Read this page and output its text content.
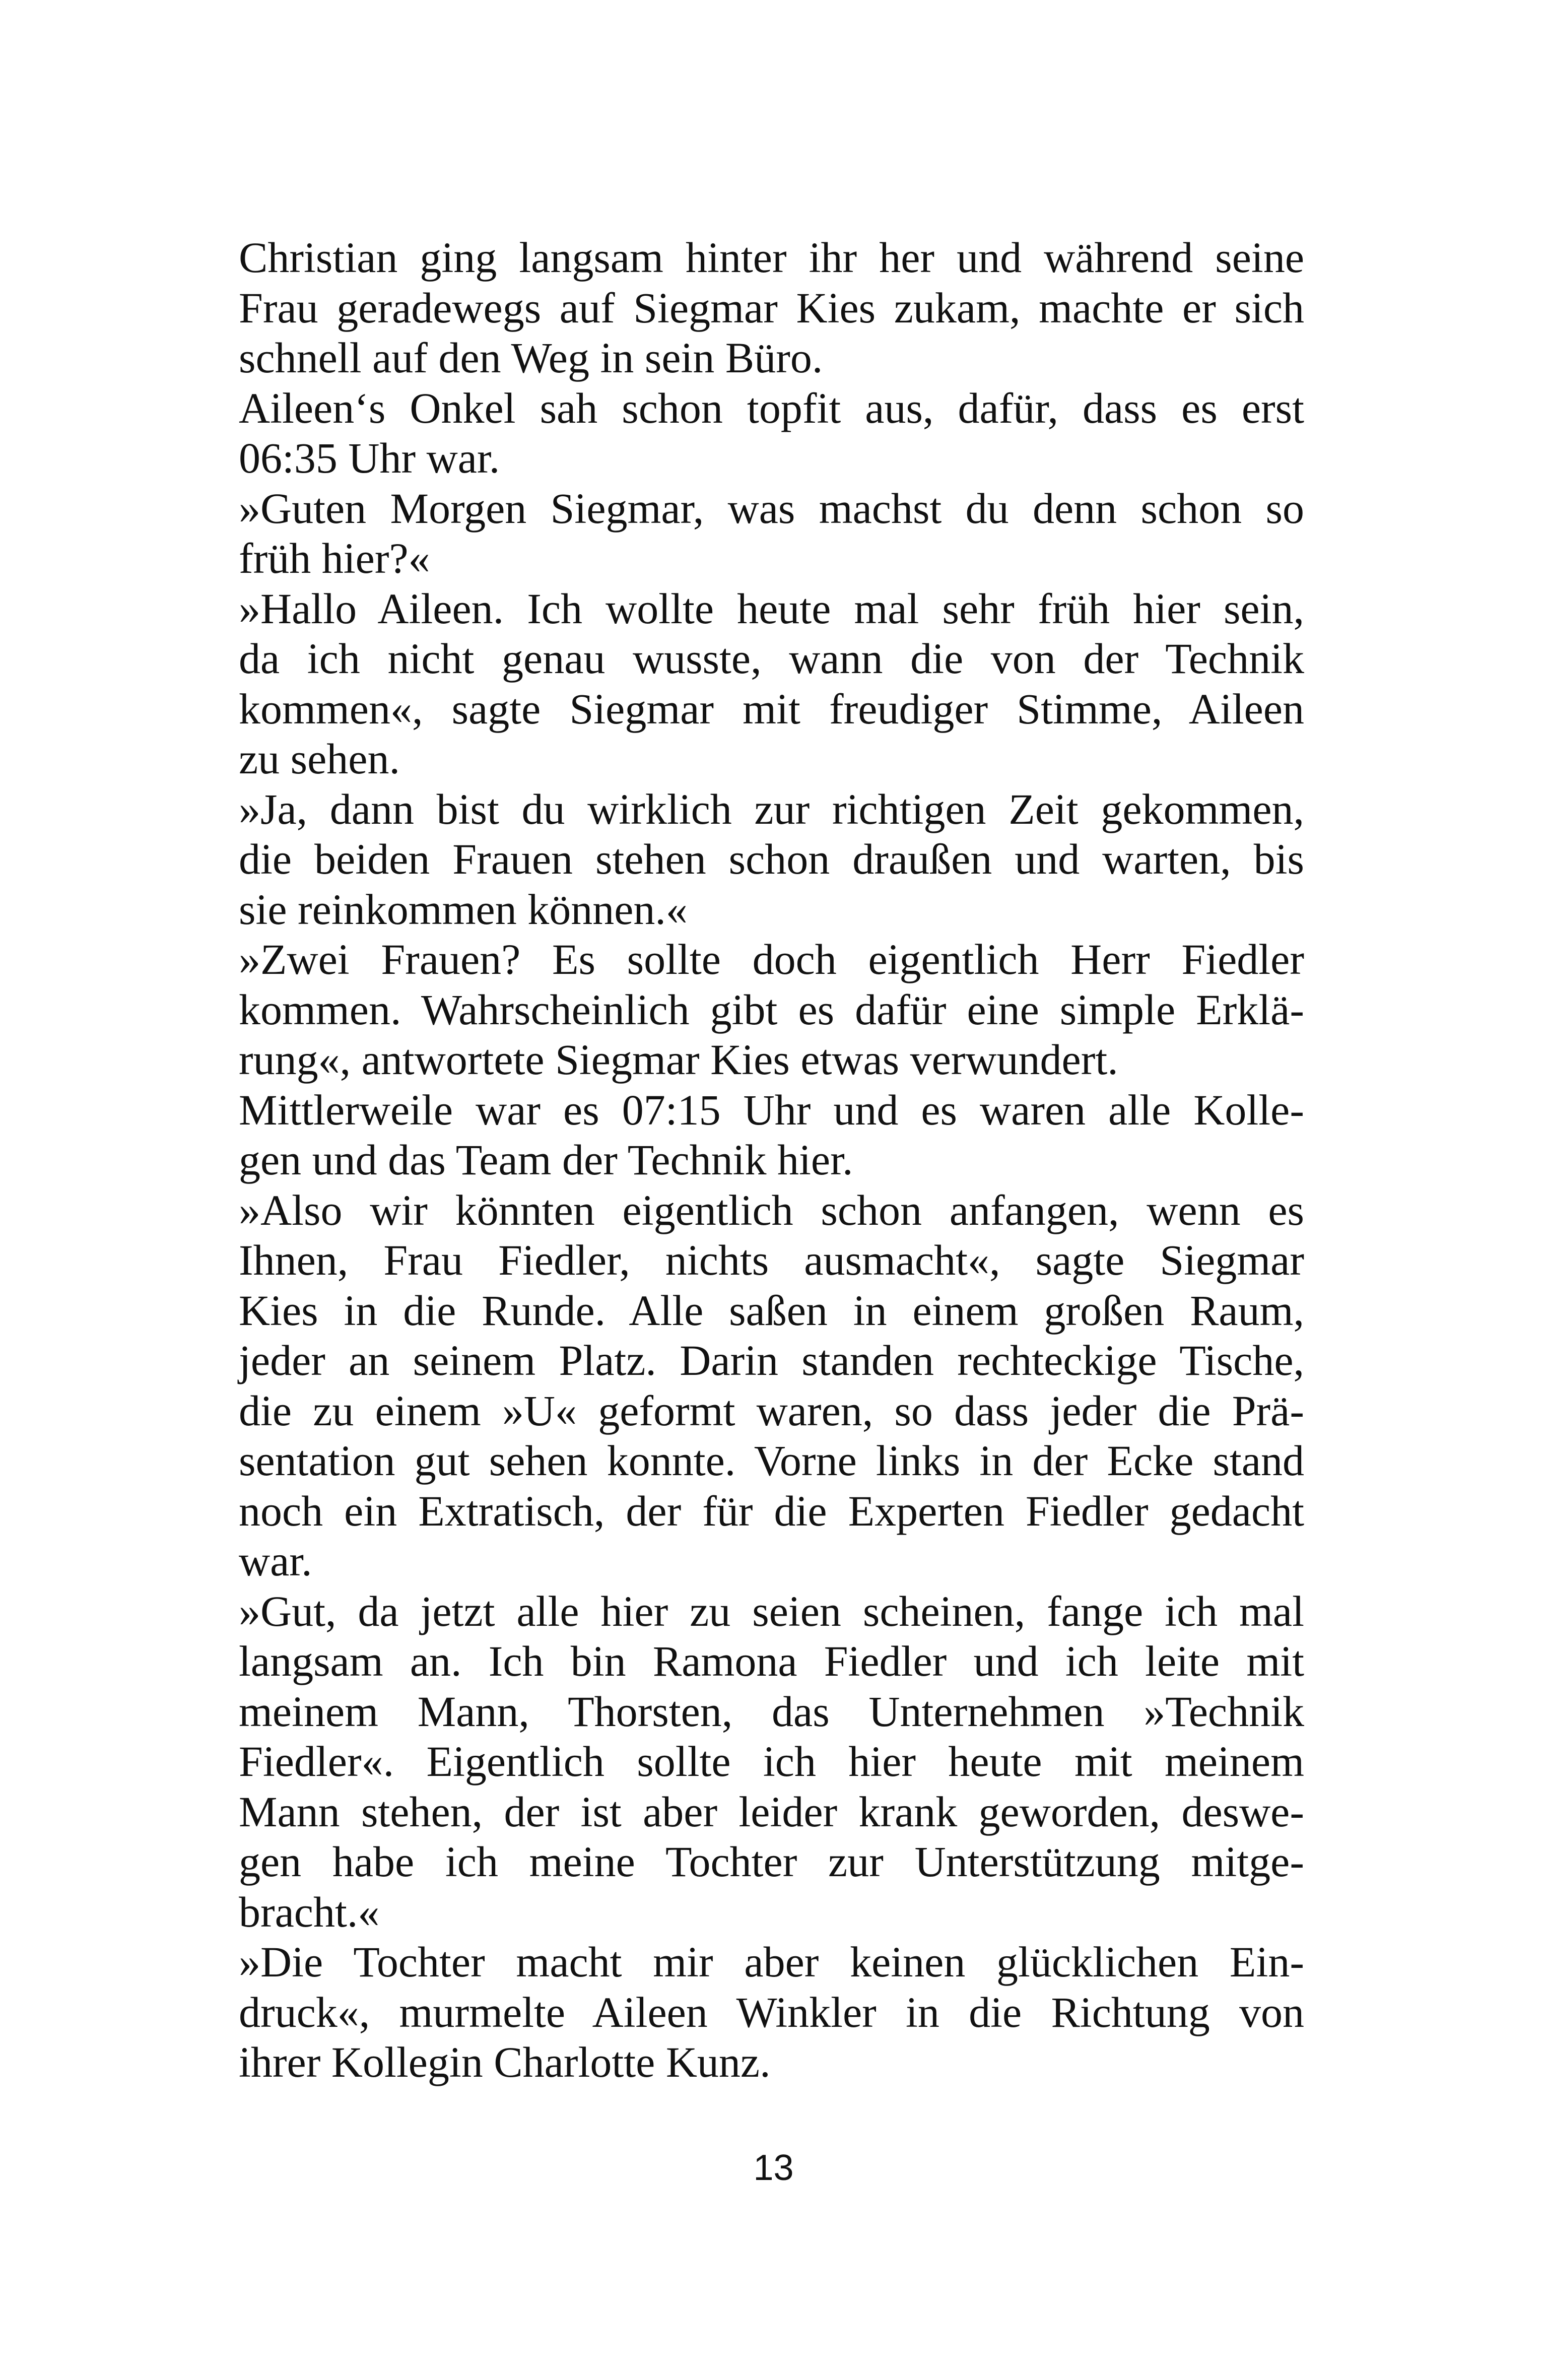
Christian ging langsam hinter ihr her und während seine
Frau geradewegs auf Siegmar Kies zukam, machte er sich
schnell auf den Weg in sein Büro.
Aileen‘s Onkel sah schon topfit aus, dafür, dass es erst
06:35 Uhr war.
»Guten Morgen Siegmar, was machst du denn schon so
früh hier?«
»Hallo Aileen. Ich wollte heute mal sehr früh hier sein,
da ich nicht genau wusste, wann die von der Technik
kommen«, sagte Siegmar mit freudiger Stimme, Aileen
zu sehen.
»Ja, dann bist du wirklich zur richtigen Zeit gekommen,
die beiden Frauen stehen schon draußen und warten, bis
sie reinkommen können.«
»Zwei Frauen? Es sollte doch eigentlich Herr Fiedler
kommen. Wahrscheinlich gibt es dafür eine simple Erklä-
rung«, antwortete Siegmar Kies etwas verwundert.
Mittlerweile war es 07:15 Uhr und es waren alle Kolle-
gen und das Team der Technik hier.
»Also wir könnten eigentlich schon anfangen, wenn es
Ihnen, Frau Fiedler, nichts ausmacht«, sagte Siegmar
Kies in die Runde. Alle saßen in einem großen Raum,
jeder an seinem Platz. Darin standen rechteckige Tische,
die zu einem »U« geformt waren, so dass jeder die Prä-
sentation gut sehen konnte. Vorne links in der Ecke stand
noch ein Extratisch, der für die Experten Fiedler gedacht
war.
»Gut, da jetzt alle hier zu seien scheinen, fange ich mal
langsam an. Ich bin Ramona Fiedler und ich leite mit
meinem Mann, Thorsten, das Unternehmen »Technik
Fiedler«. Eigentlich sollte ich hier heute mit meinem
Mann stehen, der ist aber leider krank geworden, deswe-
gen habe ich meine Tochter zur Unterstützung mitge-
bracht.«
»Die Tochter macht mir aber keinen glücklichen Ein-
druck«, murmelte Aileen Winkler in die Richtung von
ihrer Kollegin Charlotte Kunz.
13
